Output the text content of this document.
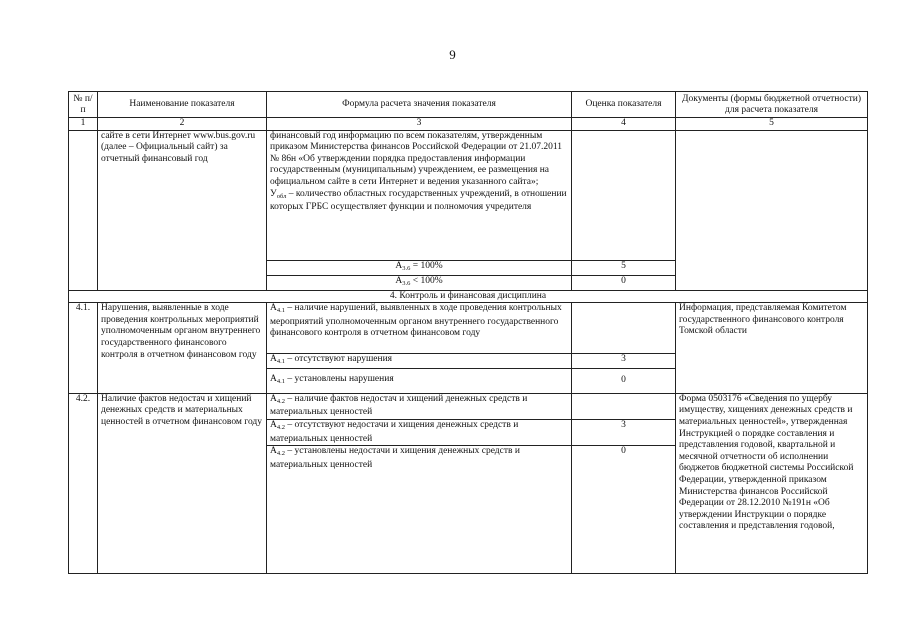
9
№ п/п	Наименование показателя	Формула расчета значения показателя	Оценка показателя	Документы (формы бюджетной отчетности) для расчета показателя
1	2	3	4	5
	сайте в сети Интернет www.bus.gov.ru (далее – Официальный сайт) за отчетный финансовый год	финансовый год информацию по всем показателям, утвержденным приказом Министерства финансов Российской Федерации от 21.07.2011 № 86н «Об утверждении порядка предоставления информации государственным (муниципальным) учреждением, ее размещения на официальном сайте в сети Интернет и ведения указанного сайта»;
$У_{обл}$ – количество областных государственных учреждений, в отношении которых ГРБС осуществляет функции и полномочия учредителя		

		$А_{3.6} = 100\%$	5	
		$А_{3.6} < 100\%$	0	
4. Контроль и финансовая дисциплина				
4.1.	Нарушения, выявленные в ходе проведения контрольных мероприятий уполномоченным органом внутреннего государственного финансового контроля в отчетном финансовом году	$А_{4.1}$ – наличие нарушений, выявленных в ходе проведения контрольных мероприятий уполномоченным органом внутреннего государственного финансового контроля в отчетном финансовом году		Информация, представляемая Комитетом государственного финансового контроля Томской области
		$А_{4.1}$ – отсутствуют нарушения	3	
		$А_{4.1}$ – установлены нарушения	0	
4.2.	Наличие фактов недостач и хищений денежных средств и материальных ценностей в отчетном финансовом году	$А_{4.2}$ – наличие фактов недостач и хищений денежных средств и материальных ценностей		Форма 0503176 «Сведения по ущербу имуществу, хищениях денежных средств и материальных ценностей», утвержденная Инструкцией о порядке составления и представления годовой, квартальной и месячной отчетности об исполнении бюджетов бюджетной системы Российской Федерации, утвержденной приказом Министерства финансов Российской Федерации от 28.12.2010 №191н «Об утверждении Инструкции о порядке составления и представления годовой,
		$А_{4.2}$ – отсутствуют недостачи и хищения денежных средств и материальных ценностей	3	
		$А_{4.2}$ – установлены недостачи и хищения денежных средств и материальных ценностей	0	
